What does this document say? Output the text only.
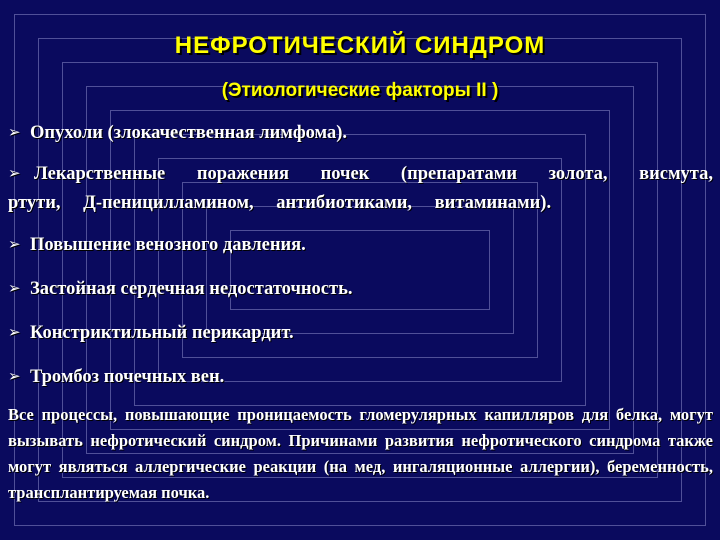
НЕФРОТИЧЕСКИЙ СИНДРОМ
(Этиологические факторы II )

➢ Опухоли (злокачественная лимфома).

➢ Лекарственные поражения почек (препаратами золота, висмута, ртути, Д-пеницилламином, антибиотиками, витаминами).

➢ Повышение венозного давления.

➢ Застойная сердечная недостаточность.

➢ Констриктильный перикардит.

➢ Тромбоз почечных вен.

Все процессы, повышающие проницаемость гломерулярных капилляров для белка, могут вызывать нефротический синдром. Причинами развития нефротического синдрома также могут являться аллергические реакции (на мед, ингаляционные аллергии), беременность, трансплантируемая почка.
